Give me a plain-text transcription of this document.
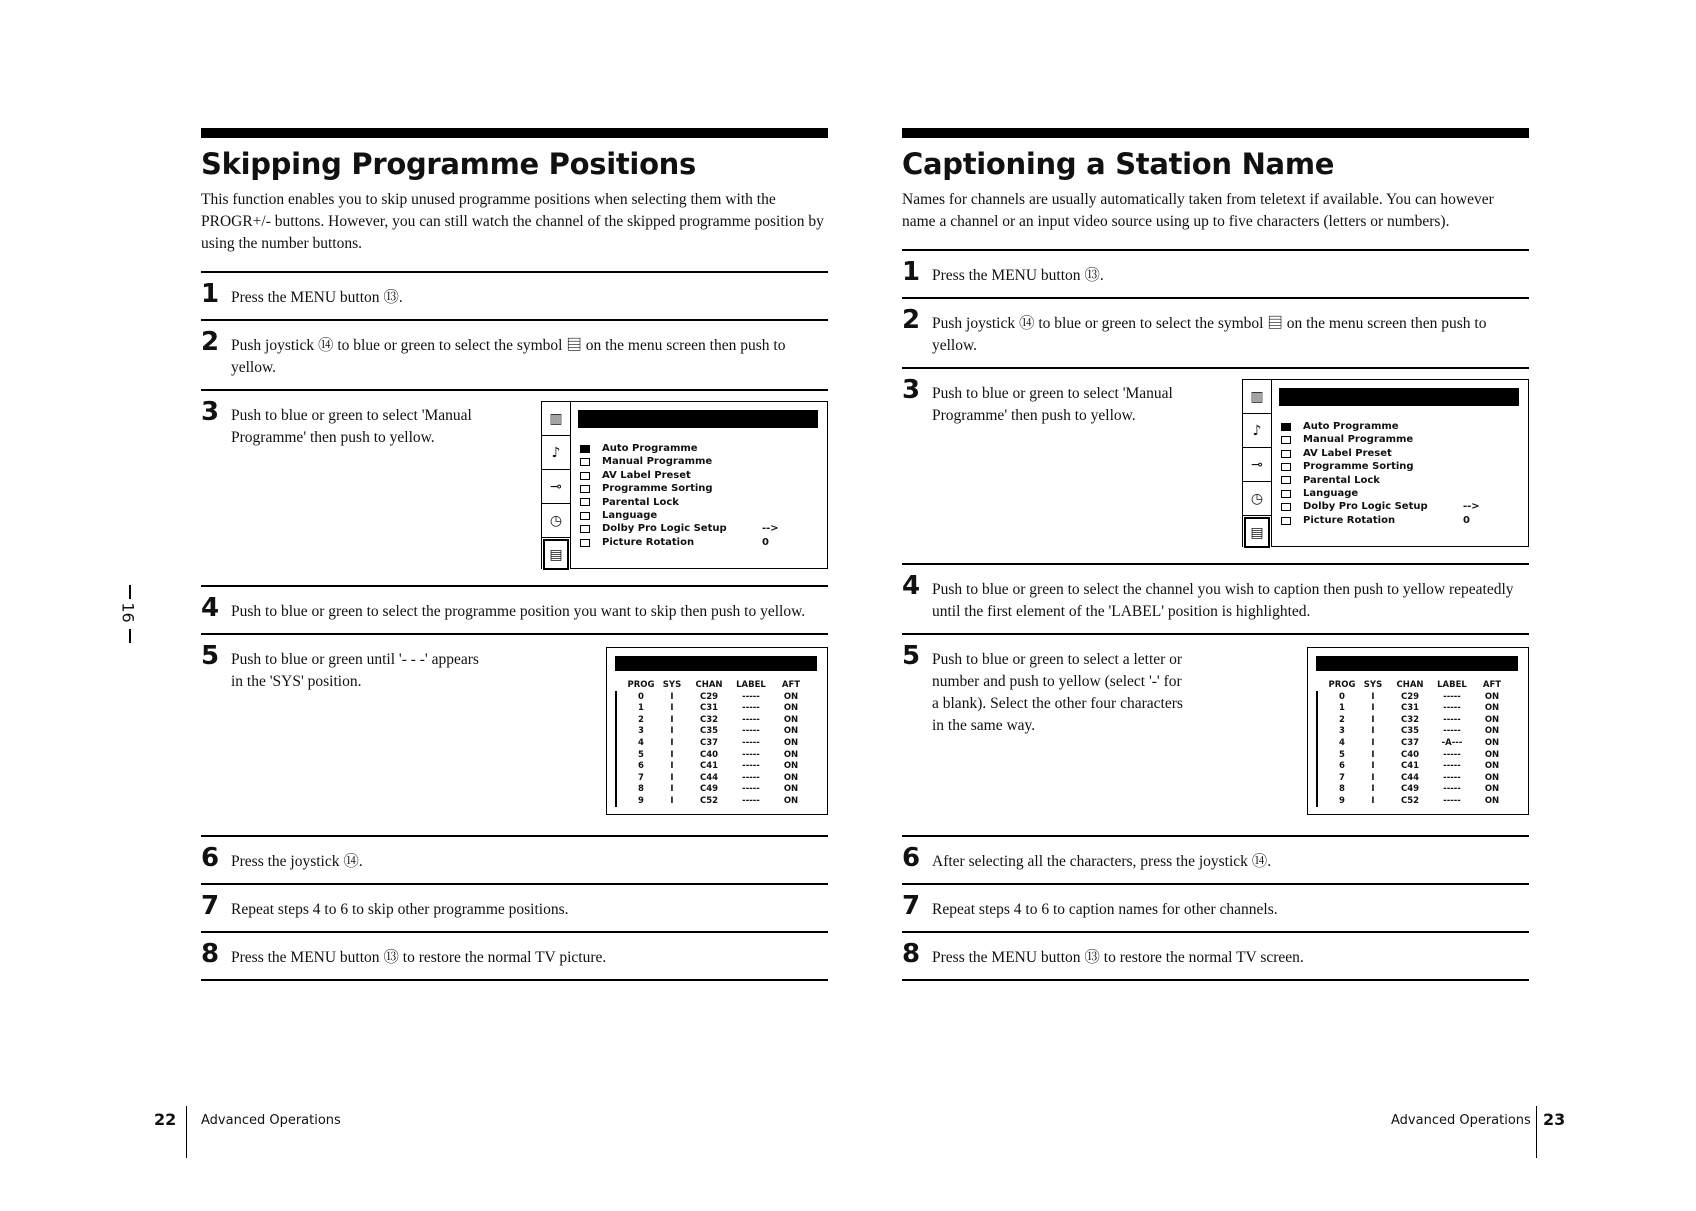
Skipping Programme Positions

This function enables you to skip unused programme positions when selecting them with the PROGR+/- buttons. However, you can still watch the channel of the skipped programme position by using the number buttons.

1 Press the MENU button ⑬.
2 Push joystick ⑭ to blue or green to select the symbol ▤ on the menu screen then push to yellow.
3 Push to blue or green to select 'Manual Programme' then push to yellow.
▥
♪
⊸
◷
▤
Auto Programme
Manual Programme
AV Label Preset
Programme Sorting
Parental Lock
Language
Dolby Pro Logic Setup	-->
Picture Rotation	0
4 Push to blue or green to select the programme position you want to skip then push to yellow.
5 Push to blue or green until '- - -' appears in the 'SYS' position.	PROG SYS	CHAN	LABEL	AFT
0	I	C29	-----	ON
1	I	C31	-----	ON
2	I	C32	-----	ON
3	I	C35	-----	ON
4	I	C37	-----	ON
5	I	C40	-----	ON
6	I	C41	-----	ON
7	I	C44	-----	ON
8	I	C49	-----	ON
9	I	C52	-----	ON
6 Press the joystick ⑭.
7 Repeat steps 4 to 6 to skip other programme positions.
8 Press the MENU button ⑬ to restore the normal TV picture.
Captioning a Station Name

Names for channels are usually automatically taken from teletext if available. You can however name a channel or an input video source using up to five characters (letters or numbers).

1 Press the MENU button ⑬.
2 Push joystick ⑭ to blue or green to select the symbol ▤ on the menu screen then push to yellow.
3 Push to blue or green to select 'Manual Programme' then push to yellow.
▥
♪
⊸
◷
▤
Auto Programme
Manual Programme
AV Label Preset
Programme Sorting
Parental Lock
Language
Dolby Pro Logic Setup	-->
Picture Rotation	0
4 Push to blue or green to select the channel you wish to caption then push to yellow repeatedly until the first element of the 'LABEL' position is highlighted.
5 Push to blue or green to select a letter or number and push to yellow (select '-' for a blank). Select the other four characters in the same way.
PROG SYS	CHAN	LABEL	AFT
0	I	C29	-----	ON
1	I	C31	-----	ON
2	I	C32	-----	ON
3	I	C35	-----	ON
4	I	C37	-A---	ON
5	I	C40	-----	ON
6	I	C41	-----	ON
7	I	C44	-----	ON
8	I	C49	-----	ON
9	I	C52	-----	ON
6 After selecting all the characters, press the joystick ⑭.
7 Repeat steps 4 to 6 to caption names for other channels.
8 Press the MENU button ⑬ to restore the normal TV screen.
16
22 Advanced Operations	Advanced Operations 23
